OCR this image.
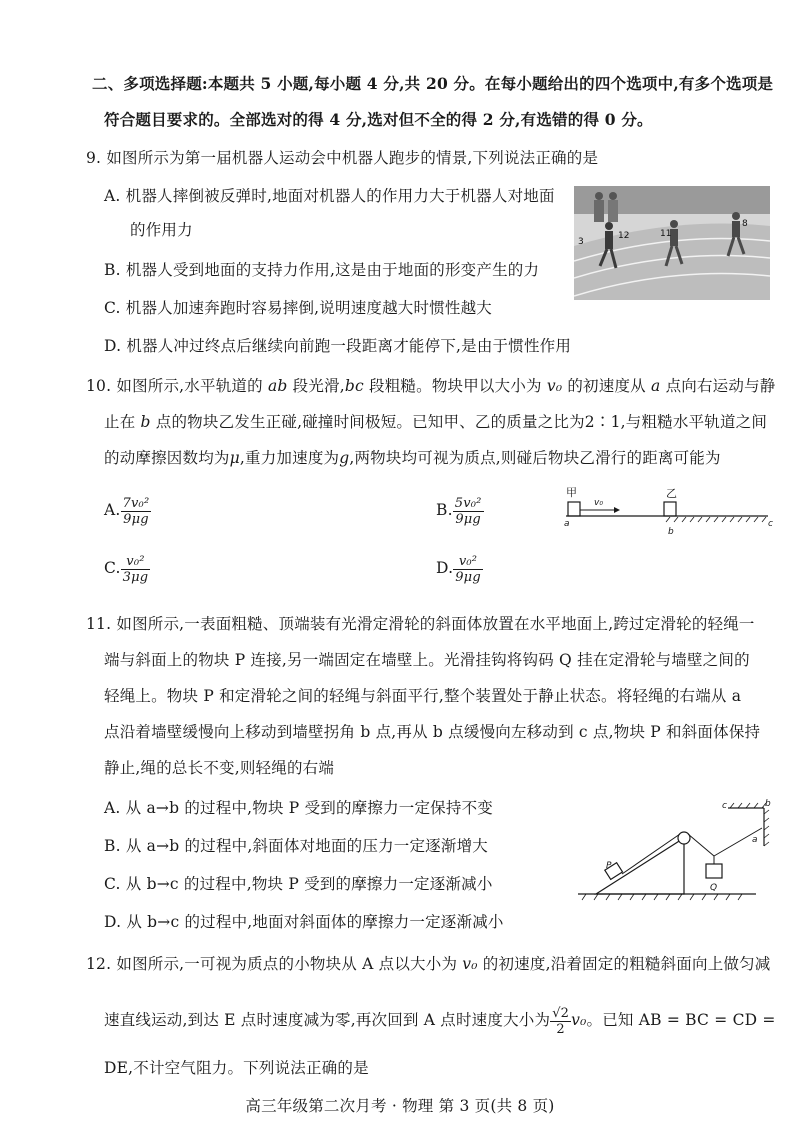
二、多项选择题:本题共 5 小题,每小题 4 分,共 20 分。在每小题给出的四个选项中,有多个选项是
符合题目要求的。全部选对的得 4 分,选对但不全的得 2 分,有选错的得 0 分。
9. 如图所示为第一届机器人运动会中机器人跑步的情景,下列说法正确的是
A. 机器人摔倒被反弹时,地面对机器人的作用力大于机器人对地面
的作用力
B. 机器人受到地面的支持力作用,这是由于地面的形变产生的力
C. 机器人加速奔跑时容易摔倒,说明速度越大时惯性越大
D. 机器人冲过终点后继续向前跑一段距离才能停下,是由于惯性作用
3
12	11
8
10. 如图所示,水平轨道的 ab 段光滑,bc 段粗糙。物块甲以大小为 v₀ 的初速度从 a 点向右运动与静
止在 b 点的物块乙发生正碰,碰撞时间极短。已知甲、乙的质量之比为2∶1,与粗糙水平轨道之间
的动摩擦因数均为μ,重力加速度为g,两物块均可视为质点,则碰后物块乙滑行的距离可能为
A. $\frac{\text{7v₀²}}{9\mu g}$	B. $\frac{\text{5v₀²}}{9\mu g}$
C. $\frac{\text{v₀²}}{3\mu g}$	D. $\frac{\text{v₀²}}{9\mu g}$
甲
v₀
乙
a
b
c
11. 如图所示,一表面粗糙、顶端装有光滑定滑轮的斜面体放置在水平地面上,跨过定滑轮的轻绳一
端与斜面上的物块 P 连接,另一端固定在墙壁上。光滑挂钩将钩码 Q 挂在定滑轮与墙壁之间的
轻绳上。物块 P 和定滑轮之间的轻绳与斜面平行,整个装置处于静止状态。将轻绳的右端从 a
点沿着墙壁缓慢向上移动到墙壁拐角 b 点,再从 b 点缓慢向左移动到 c 点,物块 P 和斜面体保持
静止,绳的总长不变,则轻绳的右端
A. 从 a→b 的过程中,物块 P 受到的摩擦力一定保持不变
B. 从 a→b 的过程中,斜面体对地面的压力一定逐渐增大
C. 从 b→c 的过程中,物块 P 受到的摩擦力一定逐渐减小
D. 从 b→c 的过程中,地面对斜面体的摩擦力一定逐渐减小
c	b
a
P
Q
12. 如图所示,一可视为质点的小物块从 A 点以大小为 v₀ 的初速度,沿着固定的粗糙斜面向上做匀减
速直线运动,到达 E 点时速度减为零,再次回到 A 点时速度大小为 $\frac{√2}{2} v_0$。已知 AB = BC = CD =
DE,不计空气阻力。下列说法正确的是
高三年级第二次月考 · 物理 第 3 页(共 8 页)
